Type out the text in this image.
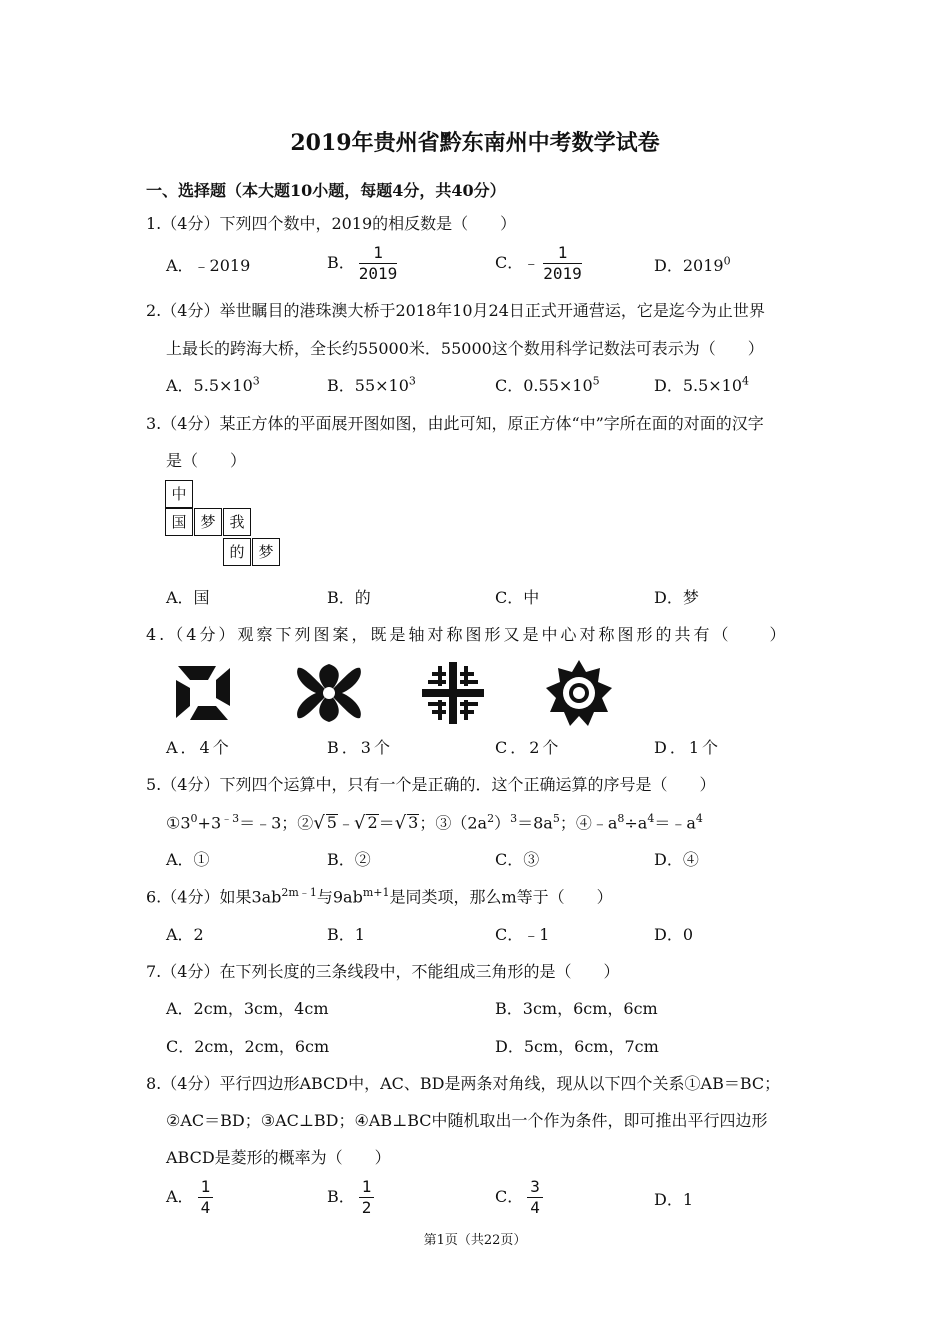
2019年贵州省黔东南州中考数学试卷
一、选择题（本大题10小题，每题4分，共40分）
1.（4分）下列四个数中，2019的相反数是（　　）
A．﹣2019	B． $\frac{1}{2019}$	C．﹣ $\frac{1}{2019}$	D．2019$^0$
2.（4分）举世瞩目的港珠澳大桥于2018年10月24日正式开通营运，它是迄今为止世界
上最长的跨海大桥，全长约55000米．55000这个数用科学记数法可表示为（　　）
A．$5.5\times 10^3$	B．$55\times 10^3$	C．$0.55\times 10^5$	D．$5.5\times 10^4$
3.（4分）某正方体的平面展开图如图，由此可知，原正方体“中”字所在面的对面的汉字
是（　　）
中
国 梦 我
的 梦
A．国	B．的	C．中	D．梦
4.（4分）观察下列图案，既是轴对称图形又是中心对称图形的共有（　　）
A．4个	B．3个	C．2个	D．1个
5.（4分）下列四个运算中，只有一个是正确的．这个正确运算的序号是（　　）
$①3^0+3^{﹣3}=﹣3$；②√ 5﹣√ 2＝√ 3；$③(2a^2)^3=8a^5$；$④﹣a^8\div a^4=﹣a^4$
A．①	B．②	C．③	D．④
6.（4分）如果$3ab^{2m﹣1}$与$9ab^{m+1}$是同类项，那么m等于（　　）
A．2	B．1	C．﹣1	D．0
7.（4分）在下列长度的三条线段中，不能组成三角形的是（　　）
A．2cm，3cm，4cm	B．3cm，6cm，6cm
C．2cm，2cm，6cm	D．5cm，6cm，7cm
8.（4分）平行四边形ABCD中，AC、BD是两条对角线，现从以下四个关系①AB＝BC；
②AC＝BD；③AC⊥BD；④AB⊥BC中随机取出一个作为条件，即可推出平行四边形
ABCD是菱形的概率为（　　）
A． $\frac{1}{4}$	B． $\frac{1}{2}$	C． $\frac{3}{4}$	D．1
第1页（共22页）
